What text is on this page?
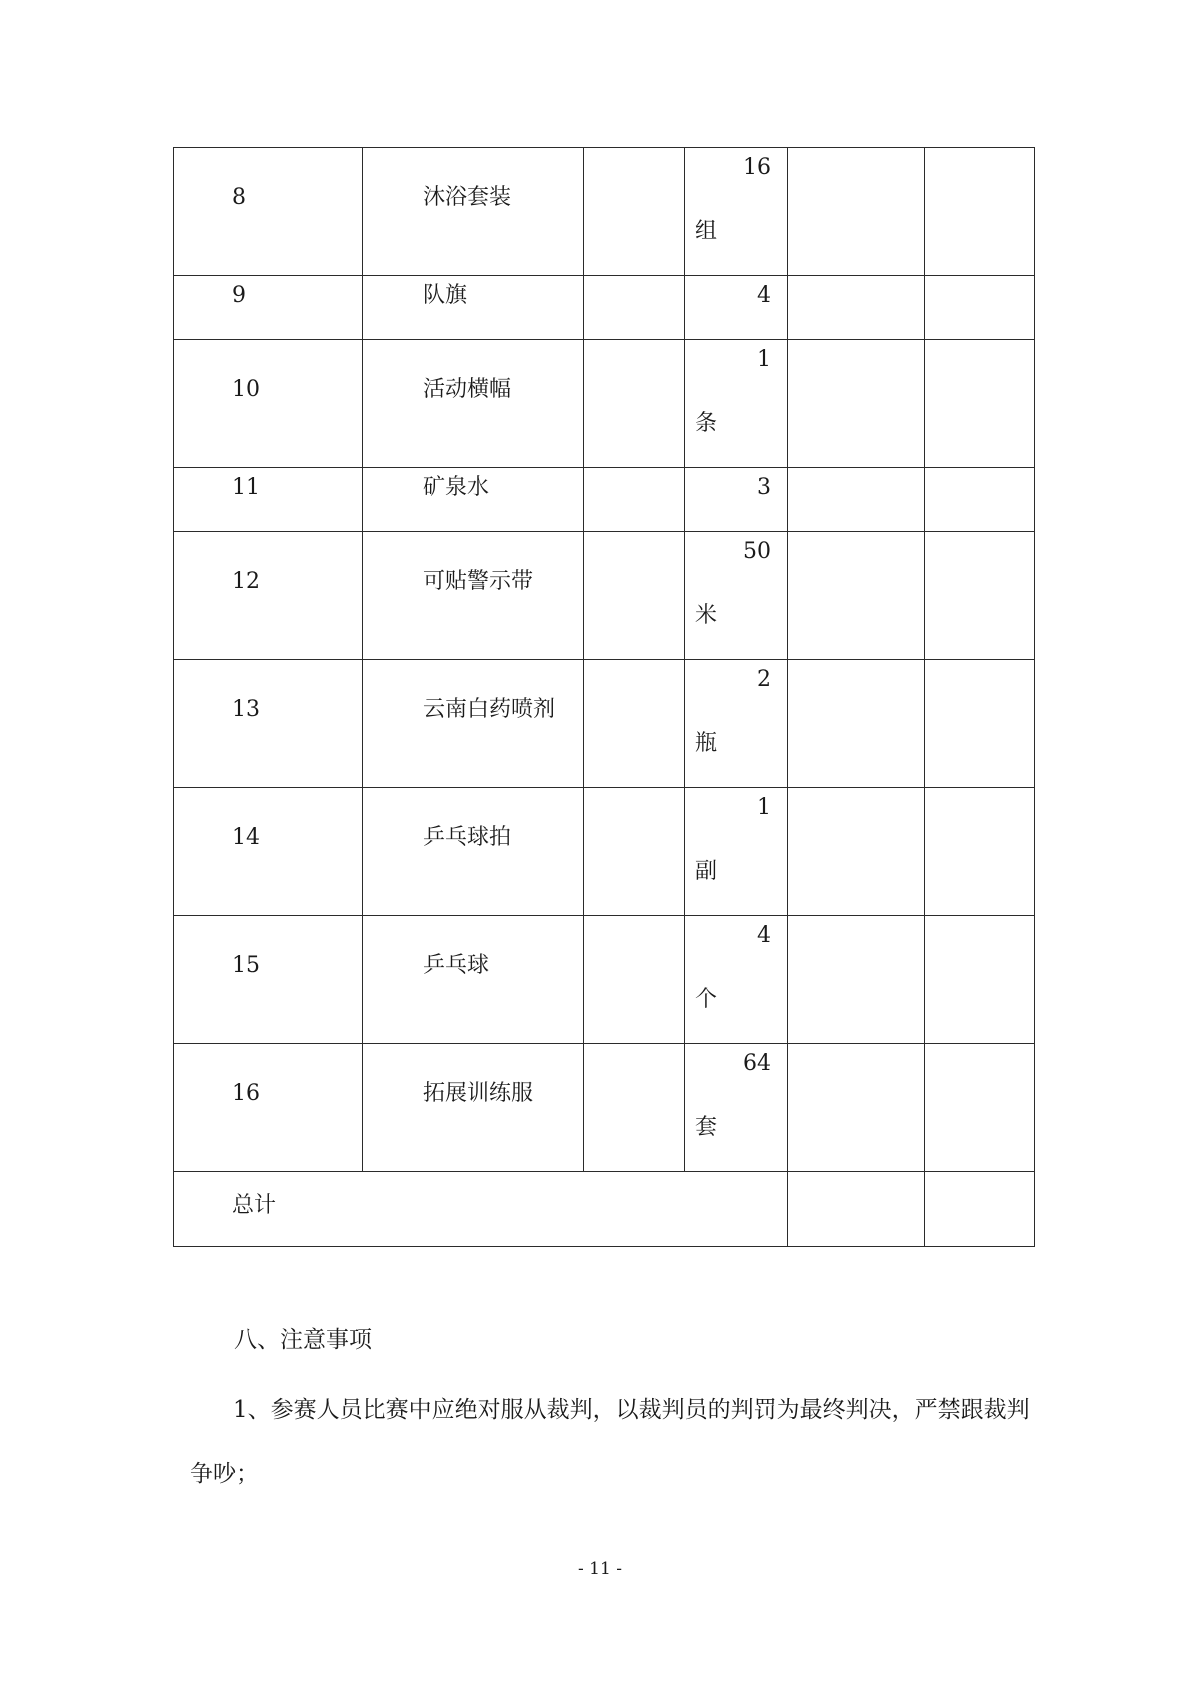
8	沐浴套装		16
组		

9	队旗		4		

10	活动横幅		1
条		

11	矿泉水		3		

12	可贴警示带		50
米		

13	云南白药喷剂		2
瓶		

14	乒乓球拍		1
副		

15	乒乓球		4
个		

16	拓展训练服		64
套		

总计					

八、注意事项

1、参赛人员比赛中应绝对服从裁判，以裁判员的判罚为最终判决，严禁跟裁判争吵；

- 11 -
